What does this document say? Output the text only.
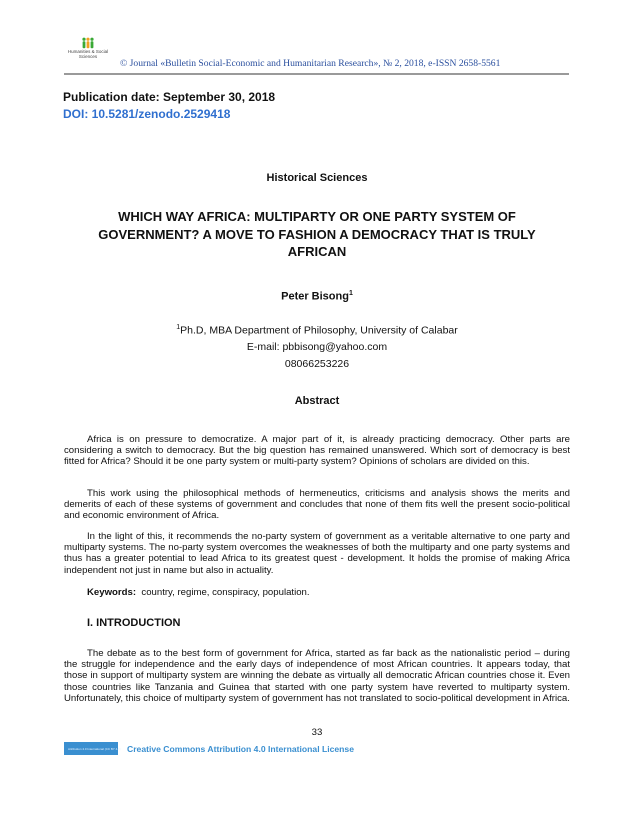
Humanities & Social Sciences
© Journal «Bulletin Social-Economic and Humanitarian Research», № 2, 2018, e-ISSN 2658-5561
Publication date: September 30, 2018
DOI: 10.5281/zenodo.2529418
Historical Sciences
WHICH WAY AFRICA: MULTIPARTY OR ONE PARTY SYSTEM OF
GOVERNMENT? A MOVE TO FASHION A DEMOCRACY THAT IS TRULY
AFRICAN
Peter Bisong$^1$
$^1$Ph.D, MBA Department of Philosophy, University of Calabar
E-mail: pbbisong@yahoo.com
08066253226
Abstract
Africa is on pressure to democratize. A major part of it, is already practicing democracy. Other parts are considering a switch to democracy. But the big question has remained unanswered. Which sort of democracy is best fitted for Africa? Should it be one party system or multi-party system? Opinions of scholars are divided on this.
This work using the philosophical methods of hermeneutics, criticisms and analysis shows the merits and demerits of each of these systems of government and concludes that none of them fits well the present socio-political and economic environment of Africa.
In the light of this, it recommends the no-party system of government as a veritable alternative to one party and multiparty systems. The no-party system overcomes the weaknesses of both the multiparty and one party systems and thus has a greater potential to lead Africa to its greatest quest - development. It holds the promise of making Africa independent not just in name but also in actuality.
Keywords: country, regime, conspiracy, population.
I. INTRODUCTION
The debate as to the best form of government for Africa, started as far back as the nationalistic period – during the struggle for independence and the early days of independence of most African countries. It appears today, that those in support of multiparty system are winning the debate as virtually all democratic African countries chose it. Even those countries like Tanzania and Guinea that started with one party system have reverted to multiparty system. Unfortunately, this choice of multiparty system of government has not translated to socio-political development in Africa.
33
Attribution 4.0 International (CC BY 4.0) Creative Commons Attribution 4.0 International License
